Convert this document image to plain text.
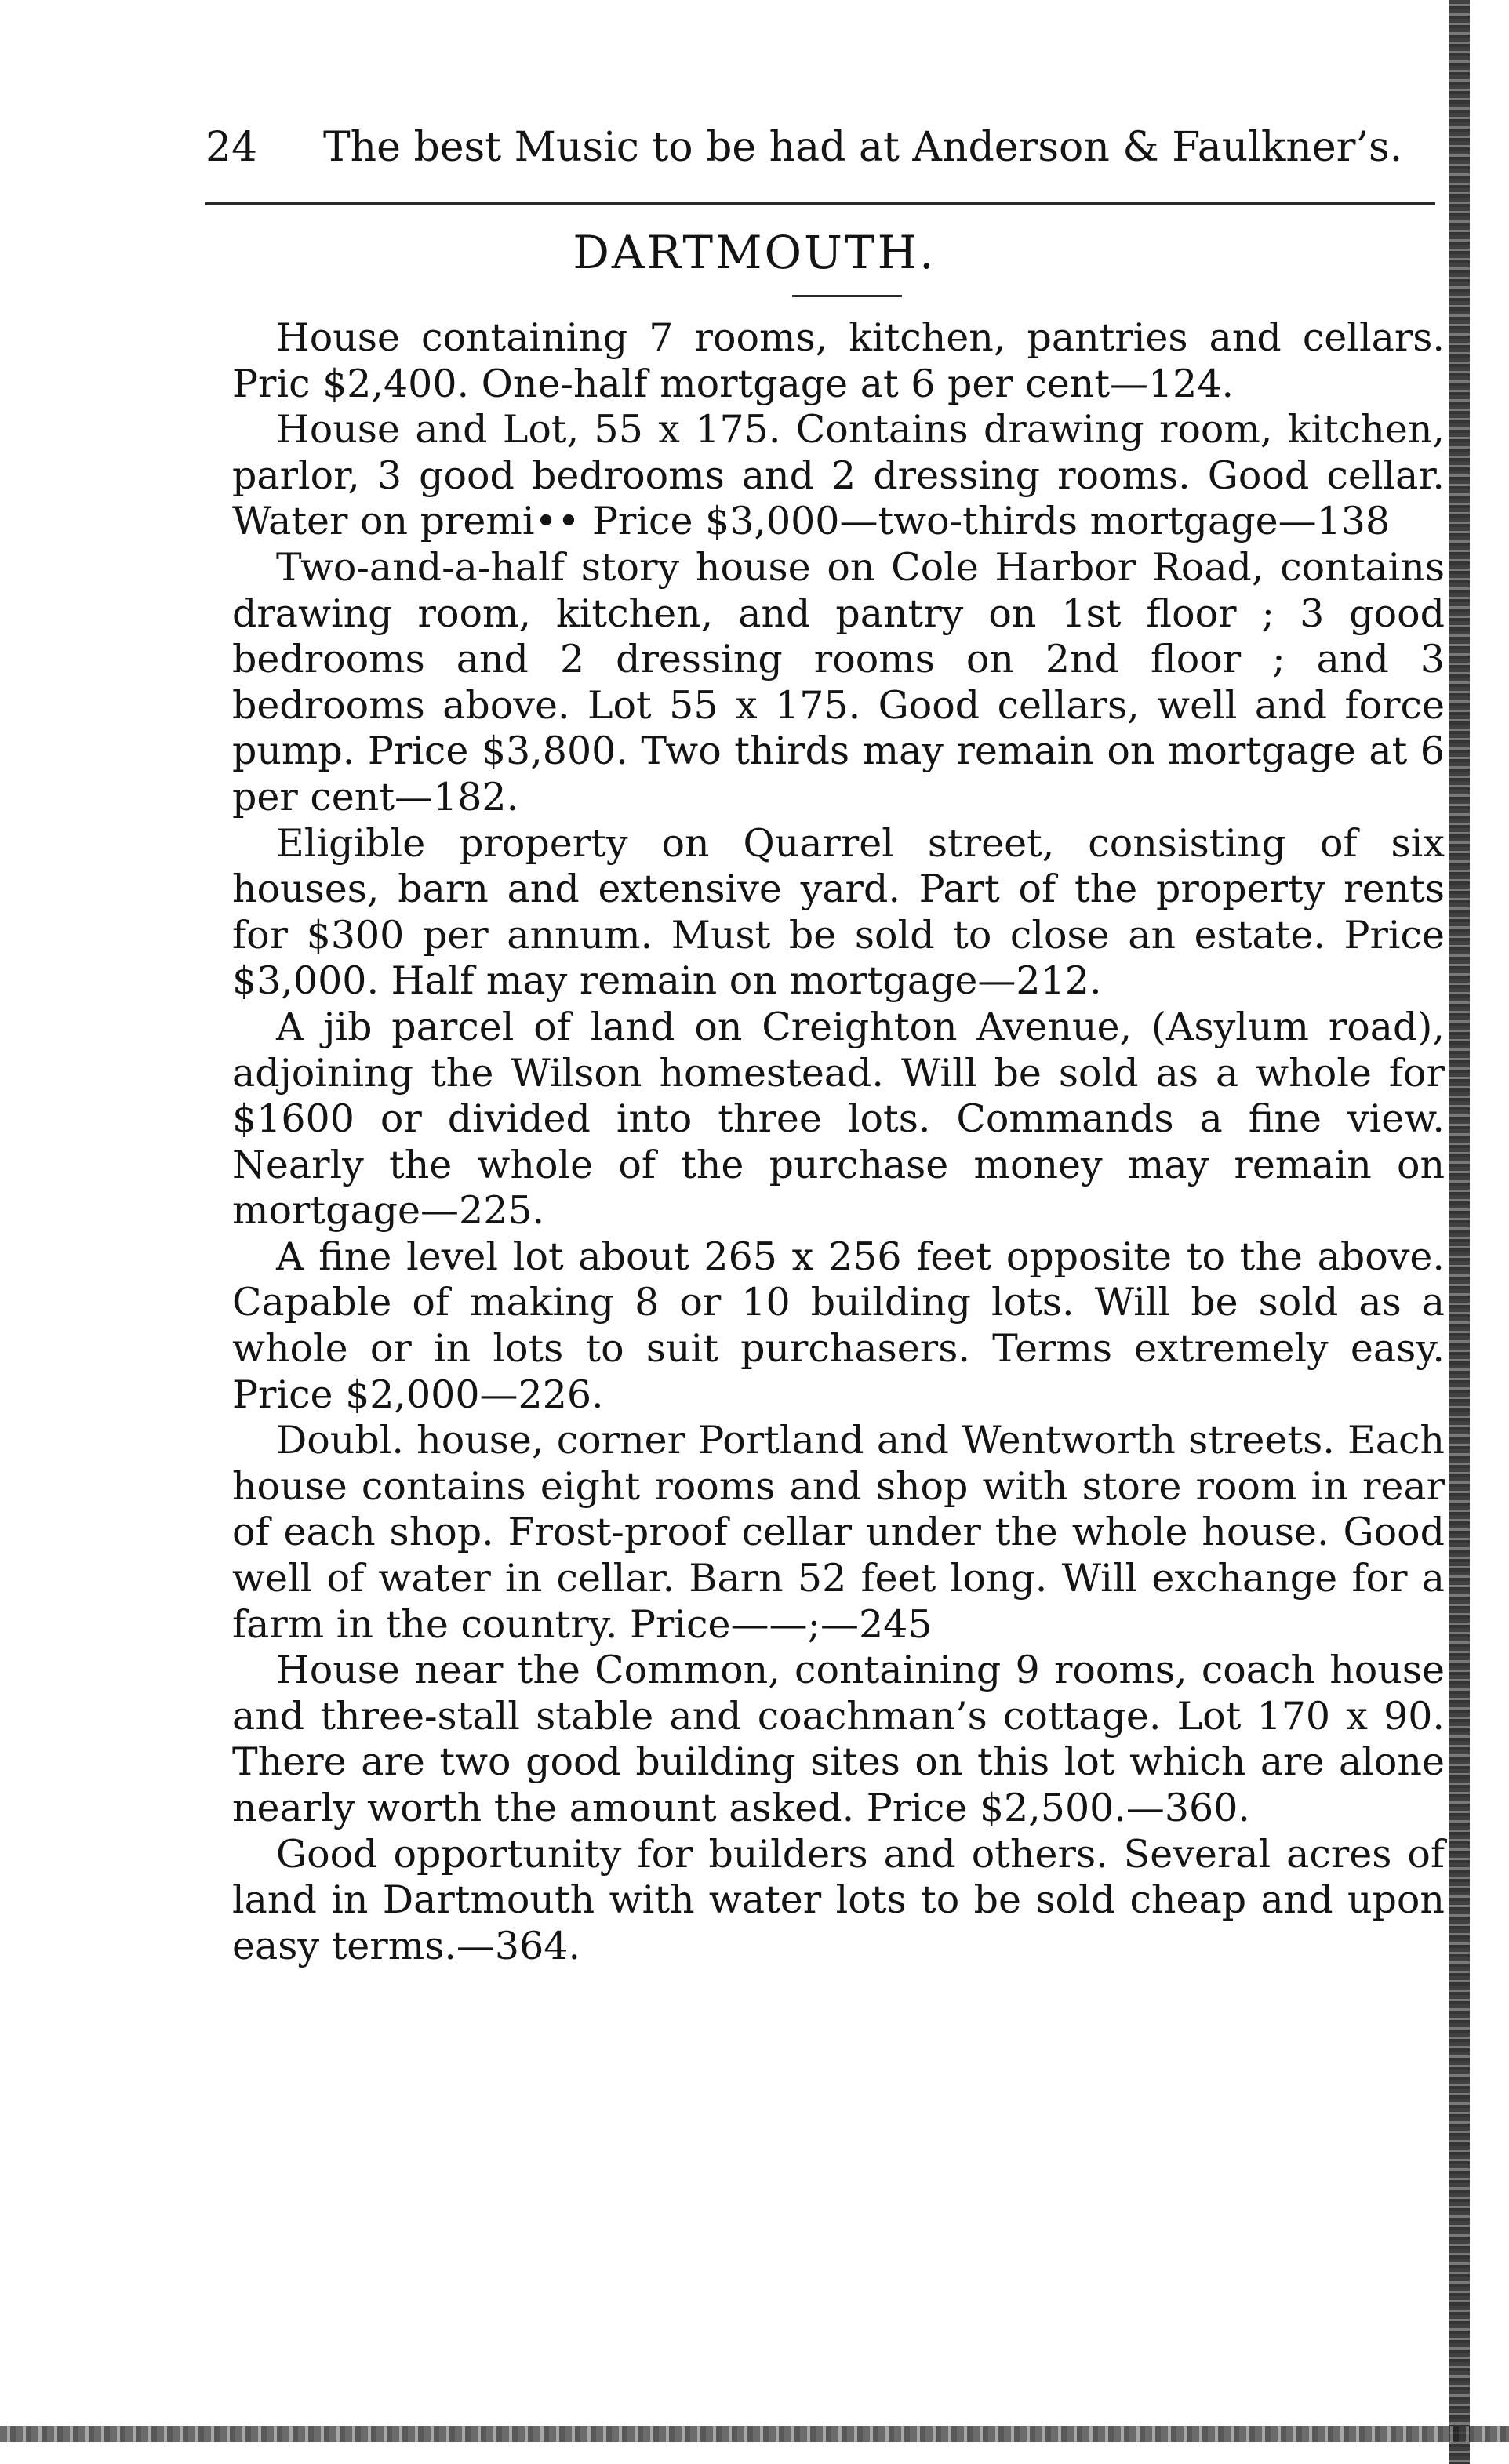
24 The best Music to be had at Anderson & Faulkner’s.
DARTMOUTH.

House containing 7 rooms, kitchen, pantries and cellars. Pric $2,400. One-half mortgage at 6 per cent—124.

House and Lot, 55 x 175. Contains drawing room, kitchen, parlor, 3 good bedrooms and 2 dressing rooms. Good cellar. Water on premi•• Price $3,000—two-thirds mortgage—138

Two-and-a-half story house on Cole Harbor Road, contains drawing room, kitchen, and pantry on 1st floor ; 3 good bedrooms and 2 dressing rooms on 2nd floor ; and 3 bedrooms above. Lot 55 x 175. Good cellars, well and force pump. Price $3,800. Two thirds may remain on mortgage at 6 per cent—182.

Eligible property on Quarrel street, consisting of six houses, barn and extensive yard. Part of the property rents for $300 per annum. Must be sold to close an estate. Price $3,000. Half may remain on mortgage—212.

A jib parcel of land on Creighton Avenue, (Asylum road), adjoining the Wilson homestead. Will be sold as a whole for $1600 or divided into three lots. Commands a fine view. Nearly the whole of the purchase money may remain on mortgage—225.

A fine level lot about 265 x 256 feet opposite to the above. Capable of making 8 or 10 building lots. Will be sold as a whole or in lots to suit purchasers. Terms extremely easy. Price $2,000—226.

Doubl. house, corner Portland and Wentworth streets. Each house contains eight rooms and shop with store room in rear of each shop. Frost-proof cellar under the whole house. Good well of water in cellar. Barn 52 feet long. Will exchange for a farm in the country. Price——;—245

House near the Common, containing 9 rooms, coach house and three-stall stable and coachman’s cottage. Lot 170 x 90. There are two good building sites on this lot which are alone nearly worth the amount asked. Price $2,500.—360.

Good opportunity for builders and others. Several acres of land in Dartmouth with water lots to be sold cheap and upon easy terms.—364.
